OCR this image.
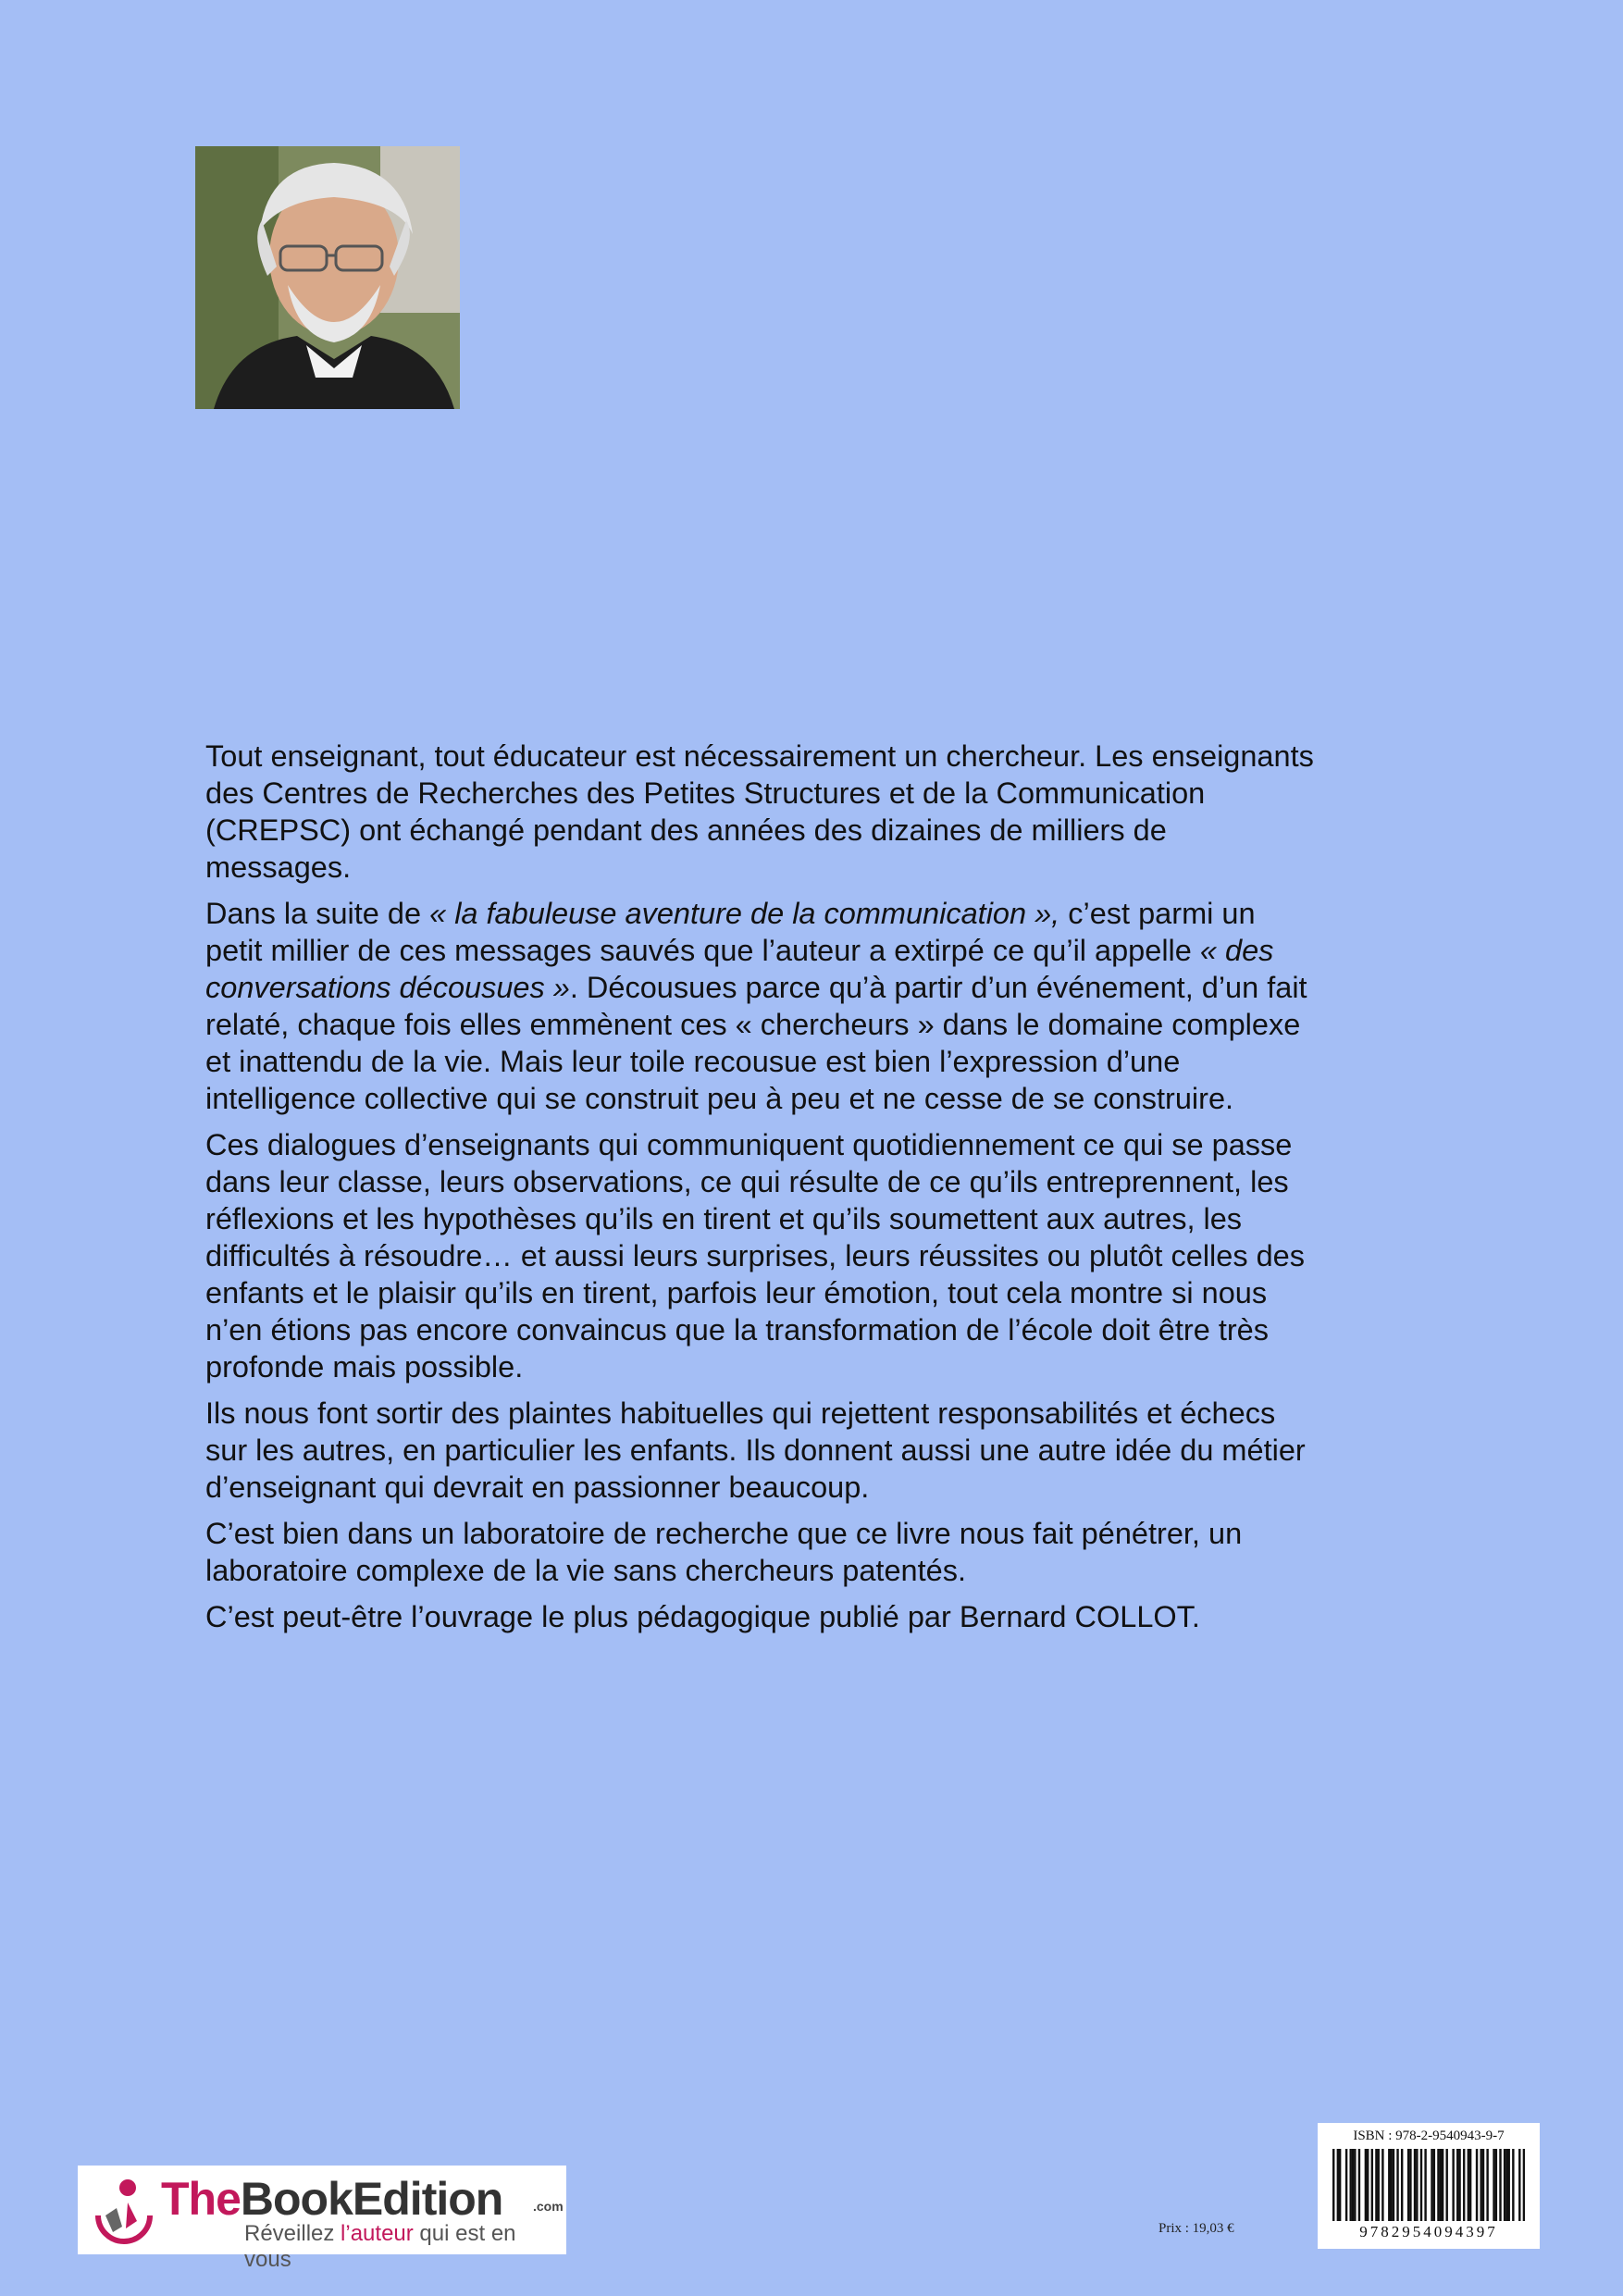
Tout enseignant, tout éducateur est nécessairement un chercheur. Les enseignants des Centres de Recherches des Petites Structures et de la Communication (CREPSC) ont échangé pendant des années des dizaines de milliers de messages.

Dans la suite de « la fabuleuse aventure de la communication », c’est parmi un petit millier de ces messages sauvés que l’auteur a extirpé ce qu’il appelle « des conversations décousues ». Décousues parce qu’à partir d’un événement, d’un fait relaté, chaque fois elles emmènent ces « chercheurs » dans le domaine complexe et inattendu de la vie. Mais leur toile recousue est bien l’expression d’une intelligence collective qui se construit peu à peu et ne cesse de se construire.

Ces dialogues d’enseignants qui communiquent quotidiennement ce qui se passe dans leur classe, leurs observations, ce qui résulte de ce qu’ils entreprennent, les réflexions et les hypothèses qu’ils en tirent et qu’ils soumettent aux autres, les difficultés à résoudre… et aussi leurs surprises, leurs réussites ou plutôt celles des enfants et le plaisir qu’ils en tirent, parfois leur émotion, tout cela montre si nous n’en étions pas encore convaincus que la transformation de l’école doit être très profonde mais possible.

Ils nous font sortir des plaintes habituelles qui rejettent responsabilités et échecs sur les autres, en particulier les enfants. Ils donnent aussi une autre idée du métier d’enseignant qui devrait en passionner beaucoup.

C’est bien dans un laboratoire de recherche que ce livre nous fait pénétrer, un laboratoire complexe de la vie sans chercheurs patentés.

C’est peut-être l’ouvrage le plus pédagogique publié par Bernard COLLOT.

TheBookEdition .com
Réveillez l’auteur qui est en vous
Prix : 19,03 €
ISBN : 978-2-9540943-9-7
9782954094397
